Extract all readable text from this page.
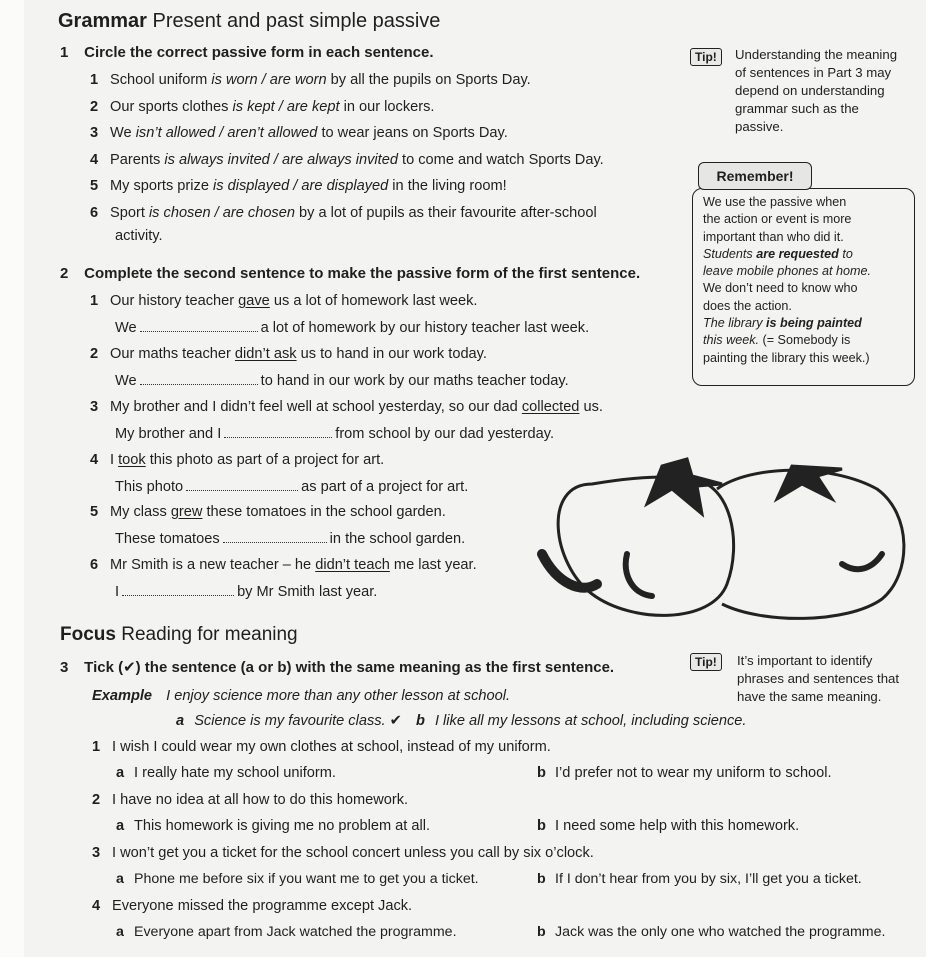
Grammar Present and past simple passive
1 Circle the correct passive form in each sentence.
1 School uniform is worn / are worn by all the pupils on Sports Day.
2 Our sports clothes is kept / are kept in our lockers.
3 We isn’t allowed / aren’t allowed to wear jeans on Sports Day.
4 Parents is always invited / are always invited to come and watch Sports Day.
5 My sports prize is displayed / are displayed in the living room!
6 Sport is chosen / are chosen by a lot of pupils as their favourite after-school
activity.
Tip!	Understanding the meaning
of sentences in Part 3 may
depend on understanding
grammar such as the
passive.
Remember!
We use the passive when
the action or event is more
important than who did it.
Students are requested to
leave mobile phones at home.
We don’t need to know who
does the action.
The library is being painted
this week. (= Somebody is
painting the library this week.)
2 Complete the second sentence to make the passive form of the first sentence.
1 Our history teacher gave us a lot of homework last week.
We	a lot of homework by our history teacher last week.
2 Our maths teacher didn’t ask us to hand in our work today.
We	to hand in our work by our maths teacher today.
3 My brother and I didn’t feel well at school yesterday, so our dad collected us.
My brother and I	from school by our dad yesterday.
4 I took this photo as part of a project for art.
This photo	as part of a project for art.
5 My class grew these tomatoes in the school garden.
These tomatoes	in the school garden.
6 Mr Smith is a new teacher – he didn’t teach me last year.
I	by Mr Smith last year.
Focus Reading for meaning
3 Tick (✔) the sentence (a or b) with the same meaning as the first sentence.	Tip!	It’s important to identify
phrases and sentences that
have the same meaning.
Example I enjoy science more than any other lesson at school.
a Science is my favourite class. ✔ b I like all my lessons at school, including science.
1 I wish I could wear my own clothes at school, instead of my uniform.
a I really hate my school uniform.	b I’d prefer not to wear my uniform to school.
2 I have no idea at all how to do this homework.
a This homework is giving me no problem at all.	b I need some help with this homework.
3 I won’t get you a ticket for the school concert unless you call by six o’clock.
a Phone me before six if you want me to get you a ticket.	b If I don’t hear from you by six, I’ll get you a ticket.
4 Everyone missed the programme except Jack.
a Everyone apart from Jack watched the programme.	b Jack was the only one who watched the programme.
